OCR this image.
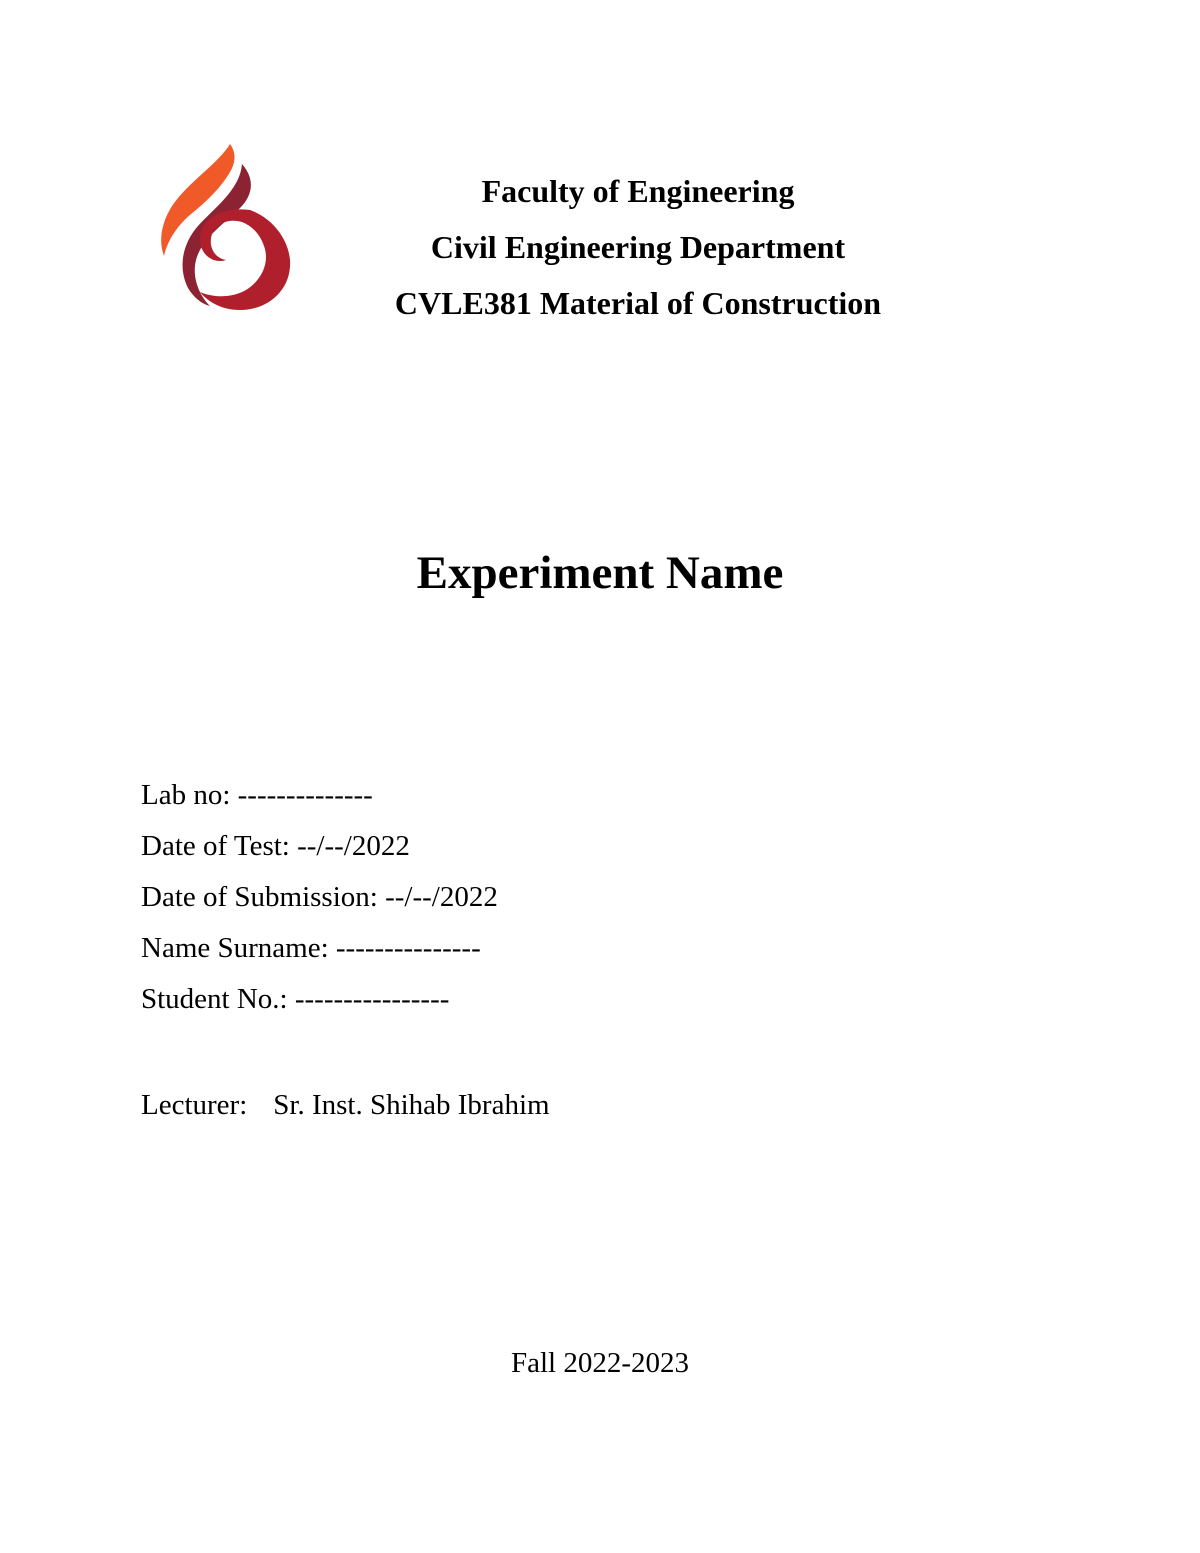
Faculty of Engineering
Civil Engineering Department
CVLE381 Material of Construction
Experiment Name
Lab no: --------------
Date of Test: --/--/2022
Date of Submission: --/--/2022
Name Surname: ---------------
Student No.: ----------------
Lecturer: Sr. Inst. Shihab Ibrahim
Fall 2022-2023
